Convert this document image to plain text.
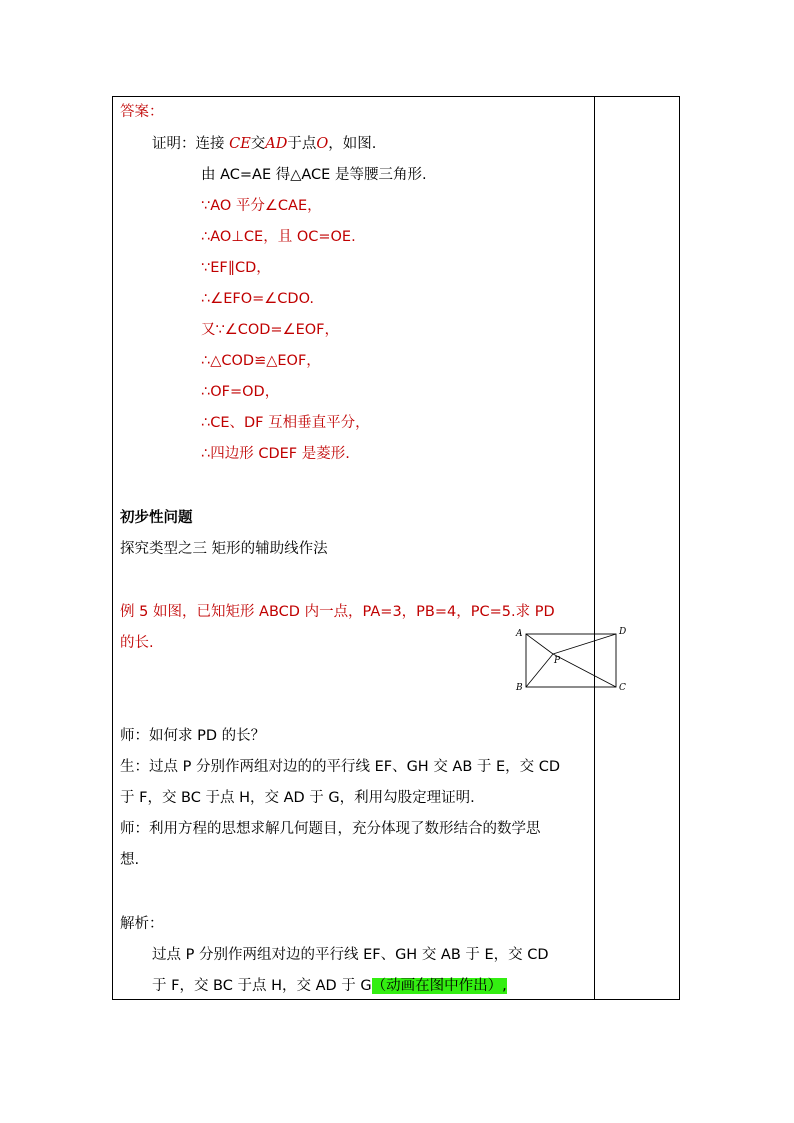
答案：
证明：连接 CE交AD于点O，如图.
由 AC=AE 得△ACE 是等腰三角形.
∵AO 平分∠CAE，
∴AO⊥CE，且 OC=OE.
∵EF∥CD，
∴∠EFO=∠CDO.
又∵∠COD=∠EOF，
∴△COD≌△EOF，
∴OF=OD，
∴CE、DF 互相垂直平分，
∴四边形 CDEF 是菱形.
初步性问题
探究类型之三 矩形的辅助线作法
例 5 如图，已知矩形 ABCD 内一点，PA=3，PB=4，PC=5.求 PD
的长.
A
B	C
D
P
师：如何求 PD 的长？
生：过点 P 分别作两组对边的的平行线 EF、GH 交 AB 于 E，交 CD
于 F，交 BC 于点 H，交 AD 于 G，利用勾股定理证明.
师：利用方程的思想求解几何题目，充分体现了数形结合的数学思
想.
解析：
过点 P 分别作两组对边的平行线 EF、GH 交 AB 于 E，交 CD
于 F，交 BC 于点 H，交 AD 于 G（动画在图中作出）,
